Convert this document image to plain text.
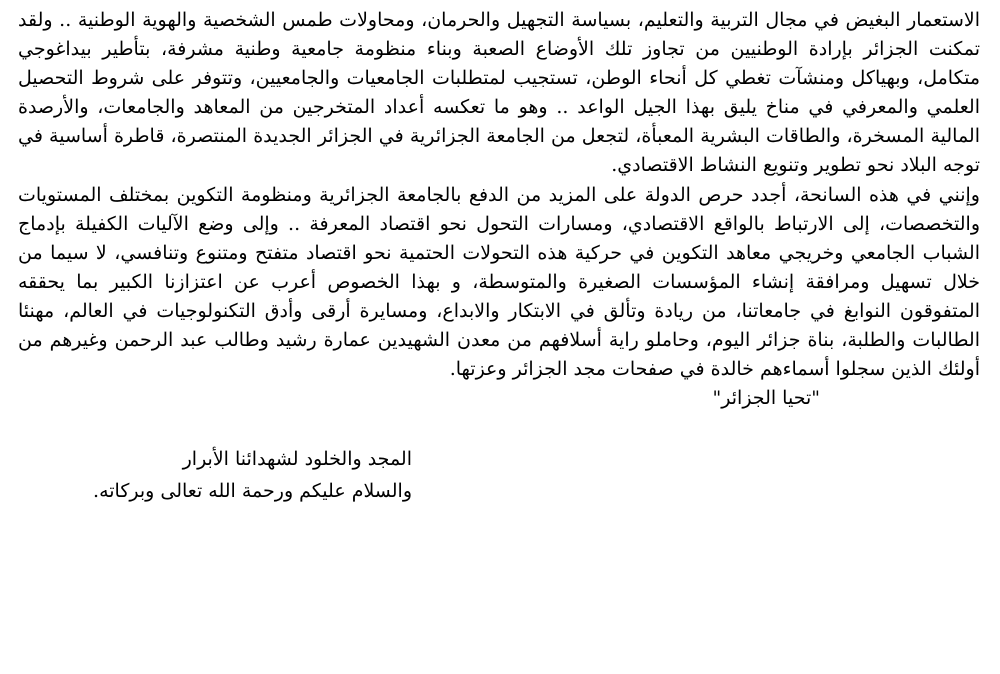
الاستعمار البغيض في مجال التربية والتعليم، بسياسة التجهيل والحرمان، ومحاولات طمس الشخصية والهوية الوطنية .. ولقد تمكنت الجزائر بإرادة الوطنيين من تجاوز تلك الأوضاع الصعبة وبناء منظومة جامعية وطنية مشرفة، بتأطير بيداغوجي متكامل، وبهياكل ومنشآت تغطي كل أنحاء الوطن، تستجيب لمتطلبات الجامعيات والجامعيين، وتتوفر على شروط التحصيل العلمي والمعرفي في مناخ يليق بهذا الجيل الواعد .. وهو ما تعكسه أعداد المتخرجين من المعاهد والجامعات، والأرصدة المالية المسخرة، والطاقات البشرية المعبأة، لتجعل من الجامعة الجزائرية في الجزائر الجديدة المنتصرة، قاطرة أساسية في توجه البلاد نحو تطوير وتنويع النشاط الاقتصادي.

وإنني في هذه السانحة، أجدد حرص الدولة على المزيد من الدفع بالجامعة الجزائرية ومنظومة التكوين بمختلف المستويات والتخصصات، إلى الارتباط بالواقع الاقتصادي، ومسارات التحول نحو اقتصاد المعرفة .. وإلى وضع الآليات الكفيلة بإدماج الشباب الجامعي وخريجي معاهد التكوين في حركية هذه التحولات الحتمية نحو اقتصاد متفتح ومتنوع وتنافسي، لا سيما من خلال تسهيل ومرافقة إنشاء المؤسسات الصغيرة والمتوسطة، و بهذا الخصوص أعرب عن اعتزازنا الكبير بما يحققه المتفوقون النوابغ في جامعاتنا، من ريادة وتألق في الابتكار والابداع، ومسايرة أرقى وأدق التكنولوجيات في العالم، مهنئا الطالبات والطلبة، بناة جزائر اليوم، وحاملو راية أسلافهم من معدن الشهيدين عمارة رشيد وطالب عبد الرحمن وغيرهم من أولئك الذين سجلوا أسماءهم خالدة في صفحات مجد الجزائر وعزتها.

"تحيا الجزائر"

المجد والخلود لشهدائنا الأبرار
والسلام عليكم ورحمة الله تعالى وبركاته.
